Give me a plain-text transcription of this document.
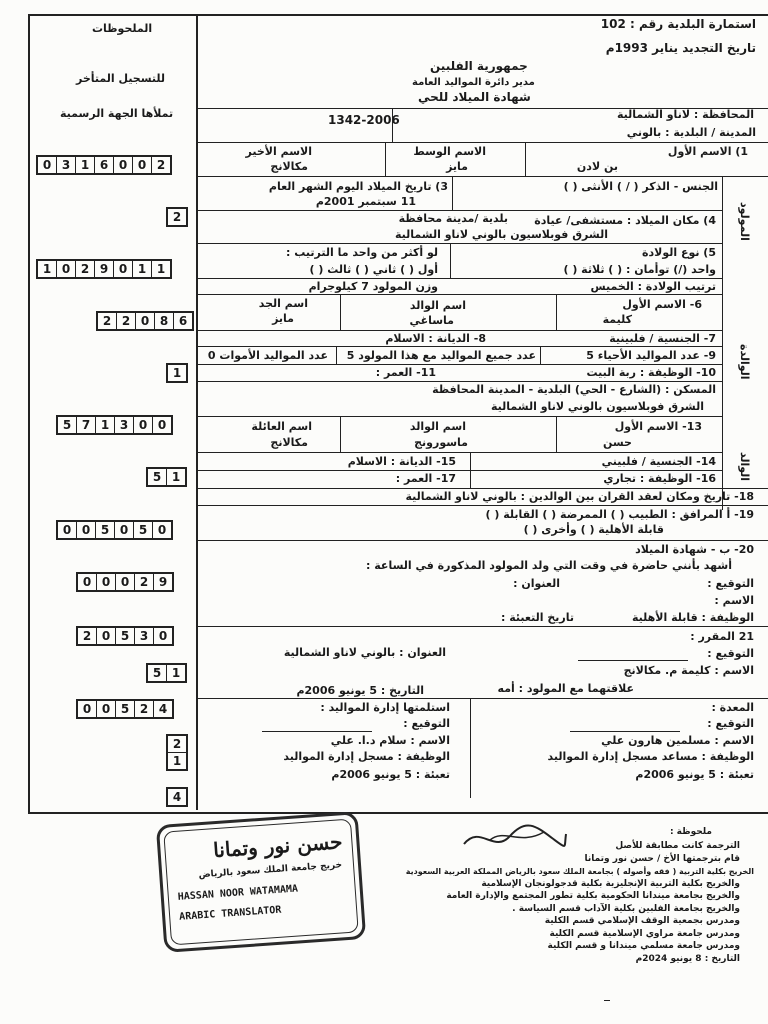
الملحوظات
للتسجيل المتأخر
تملأها الجهة الرسمية
0 3 1 6 0 0 2
2
1 0 2 9 0 1 1
2 2 0 8 6
1
5 7 1 3 0 0
5 1
0 0 5 0 5 0
0 0 0 2 9
2 0 5 3 0
5 1
0 0 5 2 4
2
1
4
استمارة البلدية رقم : 102
تاريخ التجديد يناير 1993م
جمهورية الفلبين
مدير دائرة المواليد العامة
شهادة الميلاد للحي
المحافظة : لاناو الشمالية
المدينة / البلدية : بالوني
1342-2006
المولود
الوالدة
الوالد
1) الاسم الأول
بن لادن
الاسم الوسط
مايز
الاسم الأخير
مكالانج
الجنس - الذكر ( / ) الأنثى ( )
3) تاريخ الميلاد اليوم الشهر العام
11 سبتمبر 2001م
4) مكان الميلاد : مستشفى/ عيادة
بلدية /مدينة محافظة
الشرق فوبلاسيون بالوني لاناو الشمالية
5) نوع الولادة
واحد (/) توأمان : ( ) ثلاثة ( )
لو أكثر من واحد ما الترتيب :
أول ( ) ثاني ( ) ثالث ( )
ترتيب الولادة : الخميس
وزن المولود 7 كيلوجرام
6- الاسم الأول
كليمة
اسم الوالد
ماساغي
اسم الجد
مايز
7- الجنسية / فلبينية
8- الديانة : الاسلام
9- عدد المواليد الأحياء 5
عدد جميع المواليد مع هذا المولود 5
عدد المواليد الأموات 0
10- الوظيفة : ربة البيت
11- العمر :
المسكن : (الشارع - الحي) البلدية - المدينة المحافظة
الشرق فوبلاسيون بالوني لاناو الشمالية
13- الاسم الأول
حسن
اسم الوالد
ماسورونج
اسم العائلة
مكالانج
14- الجنسية / فلبيني
15- الديانة : الاسلام
16- الوظيفة : تجاري
17- العمر :
18- تاريخ ومكان لعقد القران بين الوالدين : بالوني لاناو الشمالية
19- أ المرافق : الطبيب ( ) الممرضة ( ) القابلة ( )
قابلة الأهلية ( ) وأخرى ( )
20- ب - شهادة الميلاد
أشهد بأنني حاضرة في وقت التي ولد المولود المذكورة في الساعة :
التوقيع :
العنوان :
الاسم :
الوظيفة : قابلة الأهلية
تاريخ التعبئة :
21 المقرر :
التوقيع :
الاسم : كليمة م. مكالانج
علاقتهما مع المولود : أمه
العنوان : بالوني لاناو الشمالية
التاريخ : 5 يونيو 2006م
المعدة :
التوقيع :
الاسم : مسلمين هارون علي
الوظيفة : مساعد مسجل إدارة المواليد
تعبئة : 5 يونيو 2006م
استلمتها إدارة المواليد :
التوقيع :
الاسم : سلام د.ا. علي
الوظيفة : مسجل إدارة المواليد
تعبئة : 5 يونيو 2006م
ملحوظة :
الترجمة كانت مطابقة للأصل
قام بترجمتها الأخ / حسن نور وتمانا
الخريج بكلية التربية ( فقه وأصوله ) بجامعة الملك سعود بالرياض المملكة العربية السعودية
والخريج بكلية التربية الإنجليزية بكلية قدجولونجان الإسلامية
والخريج بجامعة ميندانا الحكومية بكلية تطور المجتمع والإدارة العامة
والخريج بجامعة الفلبين بكلية الآداب قسم السياسة .
ومدرس بجمعية الوقف الإسلامي قسم الكلية
ومدرس جامعة مراوي الإسلامية قسم الكلية
ومدرس جامعة مسلمي ميندانا و قسم الكلية
التاريخ : 8 يونيو 2024م
حسن نور وتمانا
خريج جامعة الملك سعود بالرياض
HASSAN NOOR WATAMAMA
ARABIC TRANSLATOR
